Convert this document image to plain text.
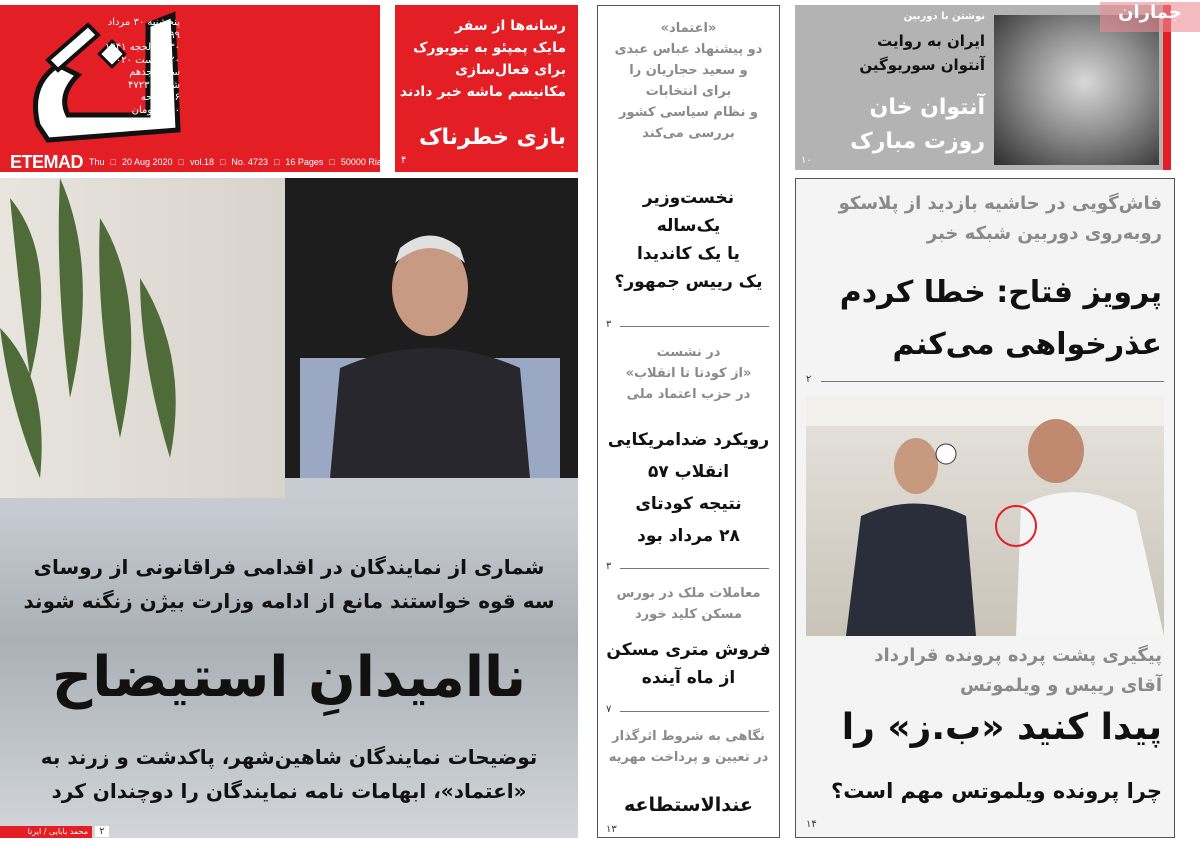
پنجشنبه ۳۰ مرداد ۱۳۹۹
۳۰ ذی‌الحجه ۱۴۴۱
۲۰ آگوست ۲۰۲۰
سال هجدهم
شماره ۴۷۲۳
۱۶ صفحه
۵۰۰۰ تومان
ETEMAD Thu □ 20 Aug 2020 □ vol.18 □ No. 4723 □ 16 Pages □ 50000 Rials
رسانه‌ها از سفر
مایک پمپئو به نیویورک
برای فعال‌سازی
مکانیسم ماشه خبر دادند
بازی خطرناک
۴
«اعتماد»
دو پیشنهاد عباس عبدی
و سعید حجاریان را
برای انتخابات
و نظام سیاسی کشور
بررسی می‌کند
نخست‌وزیر
یک‌ساله
یا یک کاندیدا
یک رییس جمهور؟
۳
در نشست
«از کودتا تا انقلاب»
در حزب اعتماد ملی
رویکرد ضدامریکایی
انقلاب ۵۷
نتیجه کودتای
۲۸ مرداد بود
۳
معاملات ملک در بورس
مسکن کلید خورد
فروش متری مسکن
از ماه آینده
۷
نگاهی به شروط اثرگذار
در تعیین و پرداخت مهریه
عندالاستطاعه
۱۳
نوشتن با دوربین
ایران به روایت
آنتوان سوریوگین
آنتوان خان
روزت مبارک
۱۰
جماران
شماری از نمایندگان در اقدامی فراقانونی از روسای
سه قوه خواستند مانع از ادامه وزارت بیژن زنگنه شوند
نا‌امیدانِ استیضاح
توضیحات نمایندگان شاهین‌شهر، پاکدشت و زرند به
«اعتماد»، ابهامات نامه نمایندگان را دوچندان کرد
محمد بابایی / ایرنا	۲
فاش‌گویی در حاشیه بازدید از پلاسکو
روبه‌روی دوربین شبکه خبر
پرویز فتاح: خطا کردم
عذرخواهی می‌کنم
۲
پیگیری پشت پرده پرونده قرارداد
آقای رییس و ویلموتس
پیدا کنید «ب.ز» را
چرا پرونده ویلموتس مهم است؟
۱۴
